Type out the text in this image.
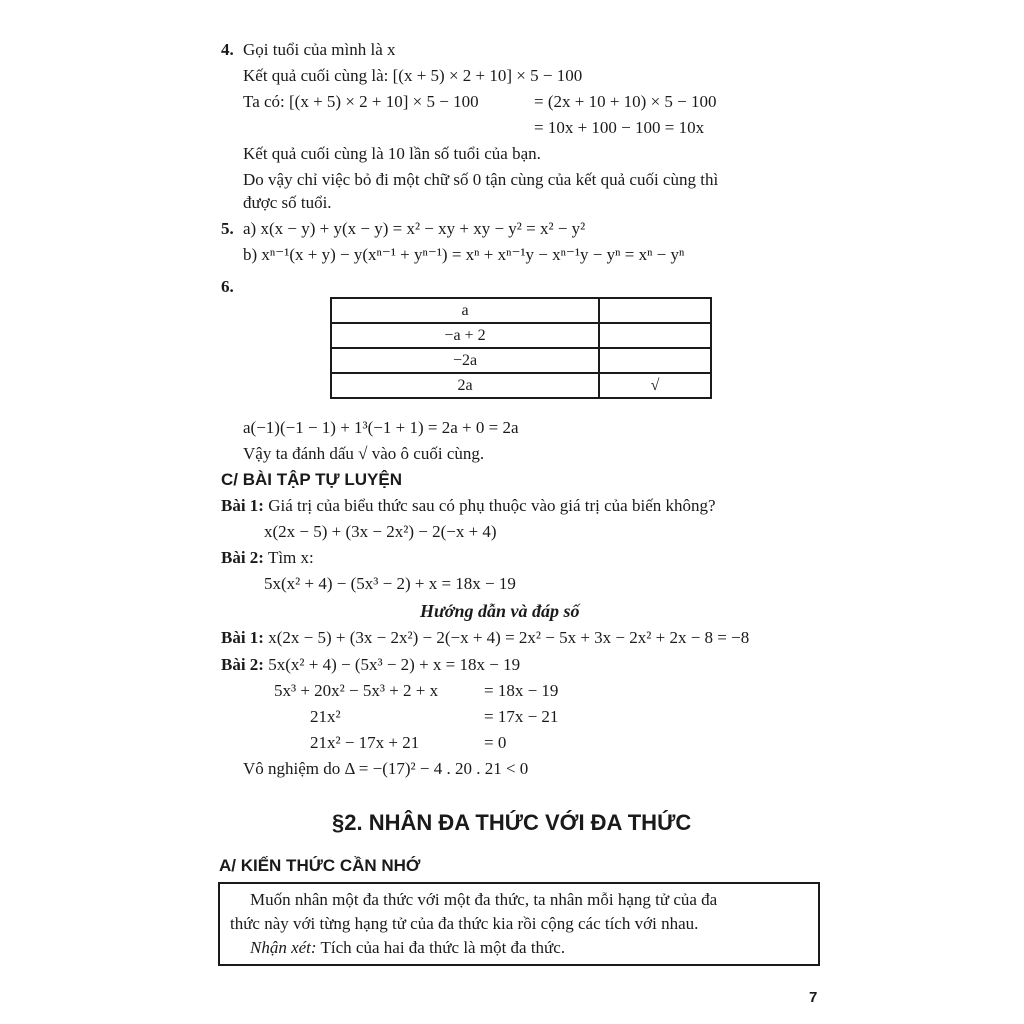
4. Gọi tuổi của mình là x
Kết quả cuối cùng là: [(x + 5) × 2 + 10] × 5 − 100
Ta có: [(x + 5) × 2 + 10] × 5 − 100	= (2x + 10 + 10) × 5 − 100
= 10x + 100 − 100 = 10x
Kết quả cuối cùng là 10 lần số tuổi của bạn.
Do vậy chỉ việc bỏ đi một chữ số 0 tận cùng của kết quả cuối cùng thì
được số tuổi.
5. a) x(x − y) + y(x − y) = x² − xy + xy − y² = x² − y²
b) xⁿ⁻¹(x + y) − y(xⁿ⁻¹ + yⁿ⁻¹) = xⁿ + xⁿ⁻¹y − xⁿ⁻¹y − yⁿ = xⁿ − yⁿ
6.
a	
−a + 2	
−2a	
2a	√
a(−1)(−1 − 1) + 1³(−1 + 1) = 2a + 0 = 2a
Vậy ta đánh dấu √ vào ô cuối cùng.
C/ BÀI TẬP TỰ LUYỆN
Bài 1: Giá trị của biểu thức sau có phụ thuộc vào giá trị của biến không?
x(2x − 5) + (3x − 2x²) − 2(−x + 4)
Bài 2: Tìm x:
5x(x² + 4) − (5x³ − 2) + x = 18x − 19
Hướng dẫn và đáp số
Bài 1: x(2x − 5) + (3x − 2x²) − 2(−x + 4) = 2x² − 5x + 3x − 2x² + 2x − 8 = −8
Bài 2: 5x(x² + 4) − (5x³ − 2) + x = 18x − 19
5x³ + 20x² − 5x³ + 2 + x	= 18x − 19
21x²	= 17x − 21
21x² − 17x + 21	= 0
Vô nghiệm do Δ = −(17)² − 4 . 20 . 21 < 0
§2. NHÂN ĐA THỨC VỚI ĐA THỨC
A/ KIẾN THỨC CẦN NHỚ
Muốn nhân một đa thức với một đa thức, ta nhân mỗi hạng tử của đa
thức này với từng hạng tử của đa thức kia rồi cộng các tích với nhau.
Nhận xét: Tích của hai đa thức là một đa thức.
7
